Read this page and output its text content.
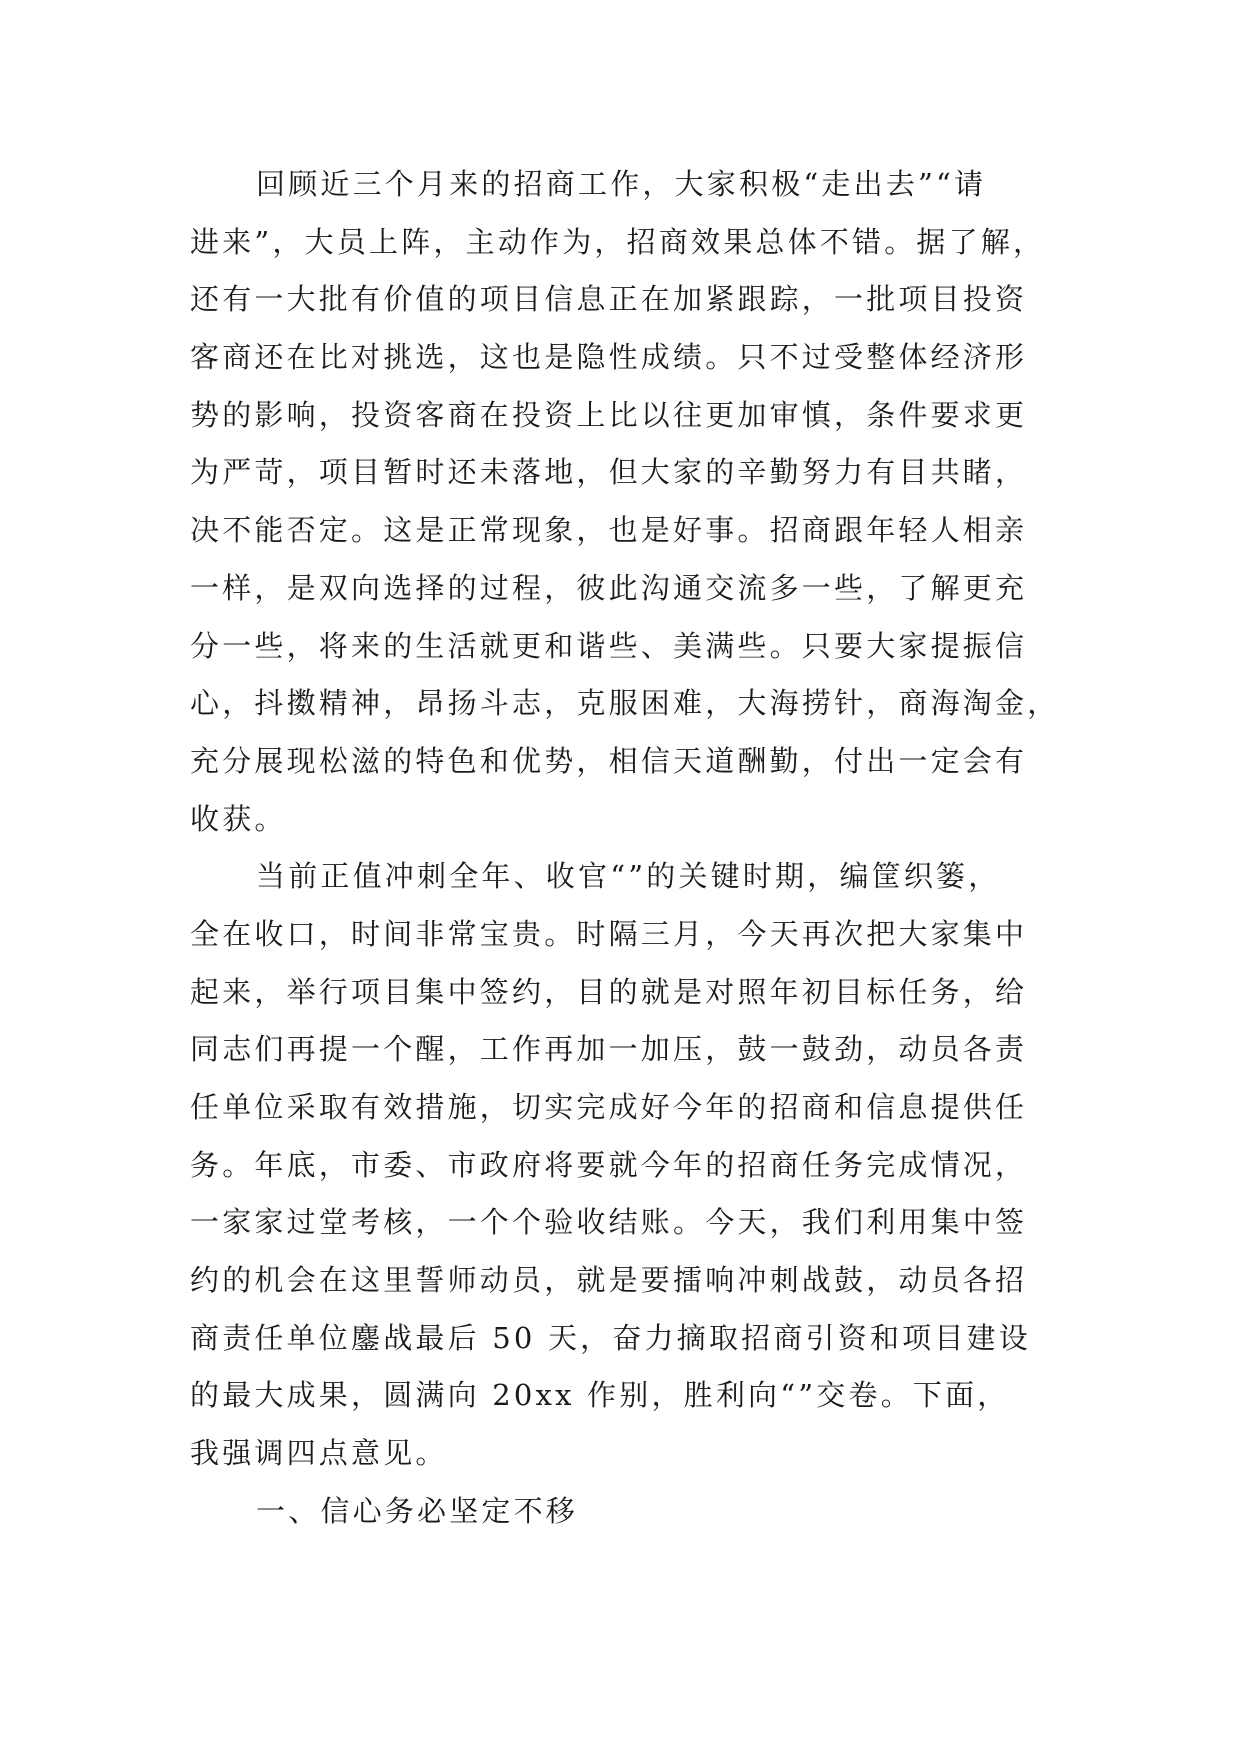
回顾近三个月来的招商工作，大家积极“走出去”“请
进来”，大员上阵，主动作为，招商效果总体不错。据了解，
还有一大批有价值的项目信息正在加紧跟踪，一批项目投资
客商还在比对挑选，这也是隐性成绩。只不过受整体经济形
势的影响，投资客商在投资上比以往更加审慎，条件要求更
为严苛，项目暂时还未落地，但大家的辛勤努力有目共睹，
决不能否定。这是正常现象，也是好事。招商跟年轻人相亲
一样，是双向选择的过程，彼此沟通交流多一些，了解更充
分一些，将来的生活就更和谐些、美满些。只要大家提振信
心，抖擞精神，昂扬斗志，克服困难，大海捞针，商海淘金，
充分展现松滋的特色和优势，相信天道酬勤，付出一定会有
收获。
当前正值冲刺全年、收官“”的关键时期，编筐织篓，
全在收口，时间非常宝贵。时隔三月，今天再次把大家集中
起来，举行项目集中签约，目的就是对照年初目标任务，给
同志们再提一个醒，工作再加一加压，鼓一鼓劲，动员各责
任单位采取有效措施，切实完成好今年的招商和信息提供任
务。年底，市委、市政府将要就今年的招商任务完成情况，
一家家过堂考核，一个个验收结账。今天，我们利用集中签
约的机会在这里誓师动员，就是要擂响冲刺战鼓，动员各招
商责任单位鏖战最后 50 天，奋力摘取招商引资和项目建设
的最大成果，圆满向 20xx 作别，胜利向“”交卷。下面，
我强调四点意见。
一、信心务必坚定不移
